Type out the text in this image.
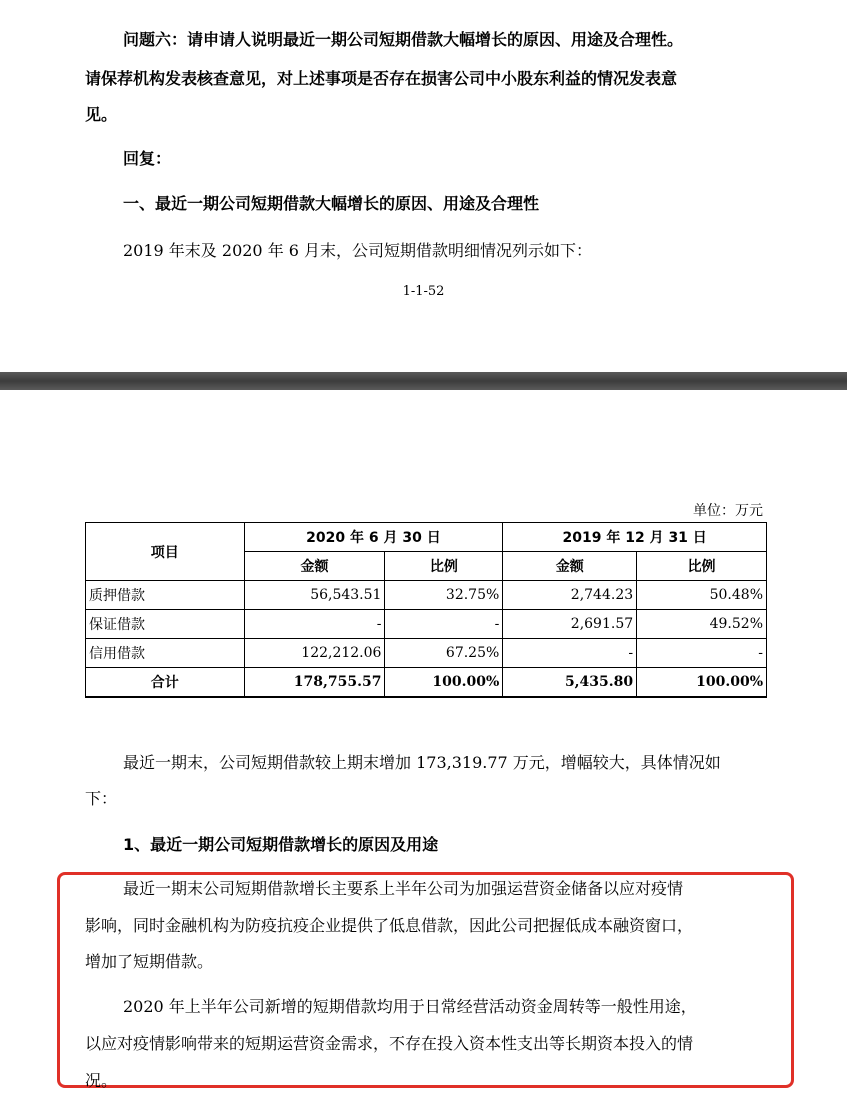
问题六：请申请人说明最近一期公司短期借款大幅增长的原因、用途及合理性。
请保荐机构发表核查意见，对上述事项是否存在损害公司中小股东利益的情况发表意
见。
回复：
一、最近一期公司短期借款大幅增长的原因、用途及合理性
2019 年末及 2020 年 6 月末，公司短期借款明细情况列示如下：
1-1-52
单位：万元
项目	2020 年 6 月 30 日		2019 年 12 月 31 日	
	金额	比例	金额	比例
质押借款	56,543.51	32.75%	2,744.23	50.48%
保证借款	-	-	2,691.57	49.52%
信用借款	122,212.06	67.25%	-	-
合计	178,755.57	100.00%	5,435.80	100.00%
最近一期末，公司短期借款较上期末增加 173,319.77 万元，增幅较大，具体情况如
下：
1、最近一期公司短期借款增长的原因及用途
最近一期末公司短期借款增长主要系上半年公司为加强运营资金储备以应对疫情
影响，同时金融机构为防疫抗疫企业提供了低息借款，因此公司把握低成本融资窗口，
增加了短期借款。
2020 年上半年公司新增的短期借款均用于日常经营活动资金周转等一般性用途，
以应对疫情影响带来的短期运营资金需求，不存在投入资本性支出等长期资本投入的情
况。
